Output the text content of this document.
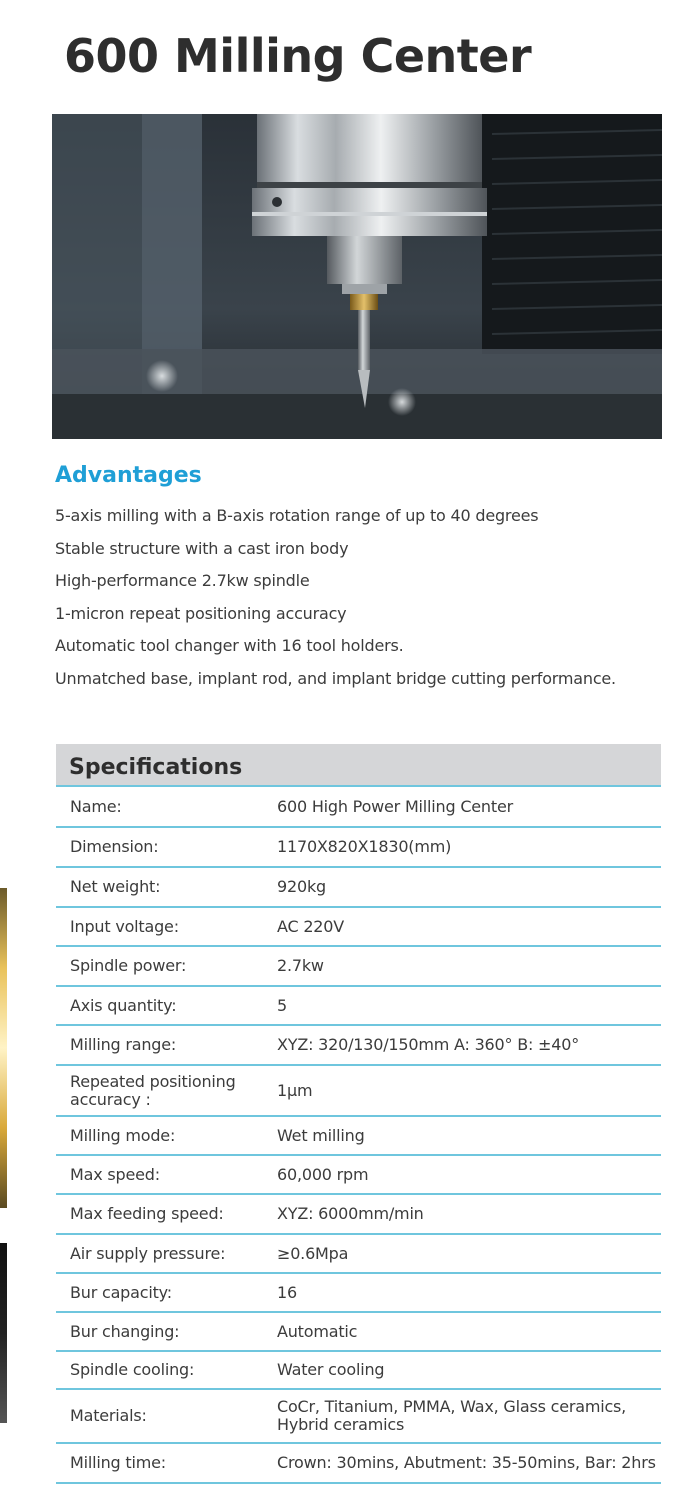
600 Milling Center
Advantages
5-axis milling with a B-axis rotation range of up to 40 degrees
Stable structure with a cast iron body
High-performance 2.7kw spindle
1-micron repeat positioning accuracy
Automatic tool changer with 16 tool holders.
Unmatched base, implant rod, and implant bridge cutting performance.
Specifications
Name:	600 High Power Milling Center
Dimension:	1170X820X1830(mm)
Net weight:	920kg
Input voltage:	AC 220V
Spindle power:	2.7kw
Axis quantity:	5
Milling range:	XYZ: 320/130/150mm A: 360° B: ±40°
Repeated positioning accuracy :	1μm
Milling mode:	Wet milling
Max speed:	60,000 rpm
Max feeding speed:	XYZ: 6000mm/min
Air supply pressure:	≥0.6Mpa
Bur capacity:	16
Bur changing:	Automatic
Spindle cooling:	Water cooling
Materials:	CoCr, Titanium, PMMA, Wax, Glass ceramics, Hybrid ceramics
Milling time:	Crown: 30mins, Abutment: 35-50mins, Bar: 2hrs
